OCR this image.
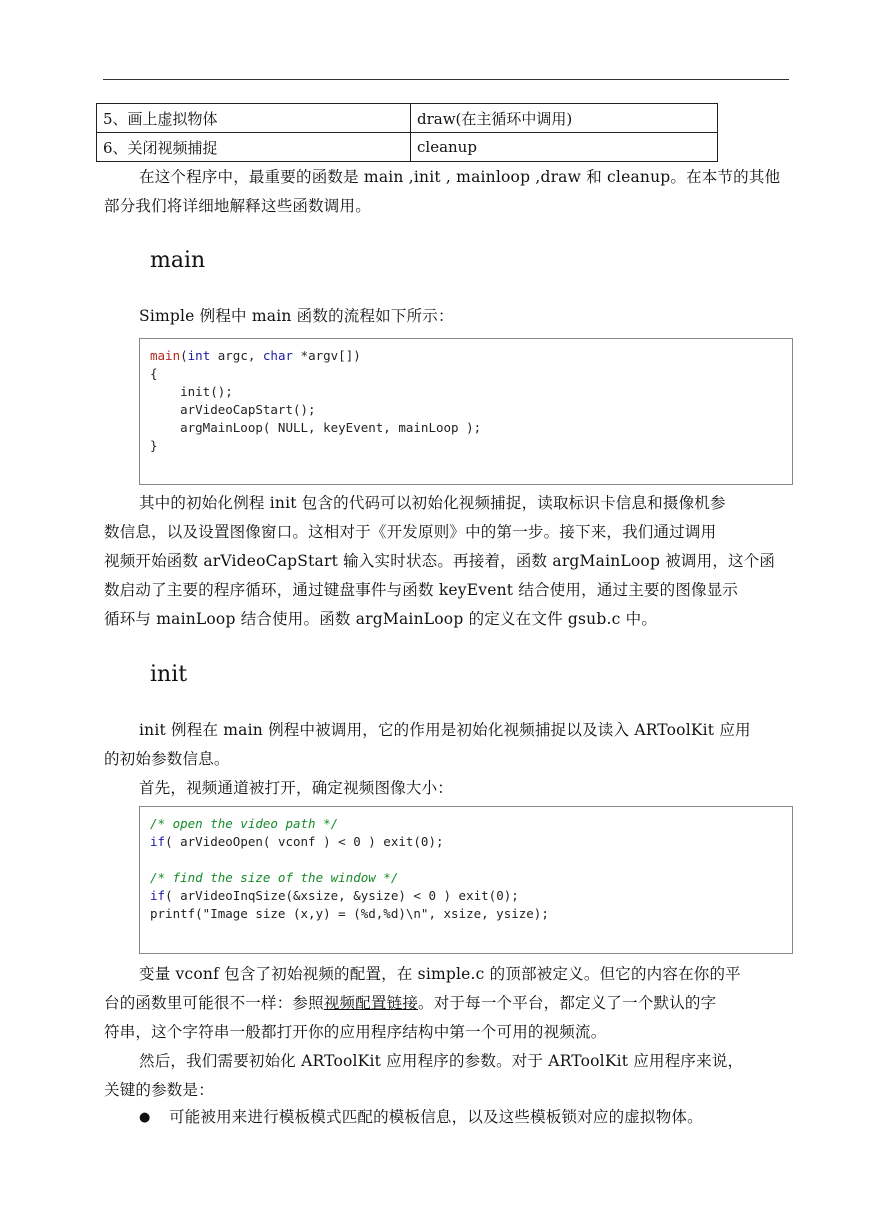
5、画上虚拟物体	draw(在主循环中调用)
6、关闭视频捕捉	cleanup
在这个程序中，最重要的函数是 main ,init , mainloop ,draw 和 cleanup。在本节的其他
部分我们将详细地解释这些函数调用。
main
Simple 例程中 main 函数的流程如下所示：
main(int argc, char *argv[])
{
init();
arVideoCapStart();
argMainLoop( NULL, keyEvent, mainLoop );
}
其中的初始化例程 init 包含的代码可以初始化视频捕捉，读取标识卡信息和摄像机参
数信息，以及设置图像窗口。这相对于《开发原则》中的第一步。接下来，我们通过调用
视频开始函数 arVideoCapStart 输入实时状态。再接着，函数 argMainLoop 被调用，这个函
数启动了主要的程序循环，通过键盘事件与函数 keyEvent 结合使用，通过主要的图像显示
循环与 mainLoop 结合使用。函数 argMainLoop 的定义在文件 gsub.c 中。
init
init 例程在 main 例程中被调用，它的作用是初始化视频捕捉以及读入 ARToolKit 应用
的初始参数信息。
首先，视频通道被打开，确定视频图像大小：
/* open the video path */
if( arVideoOpen( vconf ) < 0 ) exit(0);

/* find the size of the window */
if( arVideoInqSize(&xsize, &ysize) < 0 ) exit(0);
printf("Image size (x,y) = (%d,%d)\n", xsize, ysize);
变量 vconf 包含了初始视频的配置，在 simple.c 的顶部被定义。但它的内容在你的平
台的函数里可能很不一样：参照视频配置链接。对于每一个平台，都定义了一个默认的字
符串，这个字符串一般都打开你的应用程序结构中第一个可用的视频流。
然后，我们需要初始化 ARToolKit 应用程序的参数。对于 ARToolKit 应用程序来说，
关键的参数是：
● 可能被用来进行模板模式匹配的模板信息，以及这些模板锁对应的虚拟物体。
